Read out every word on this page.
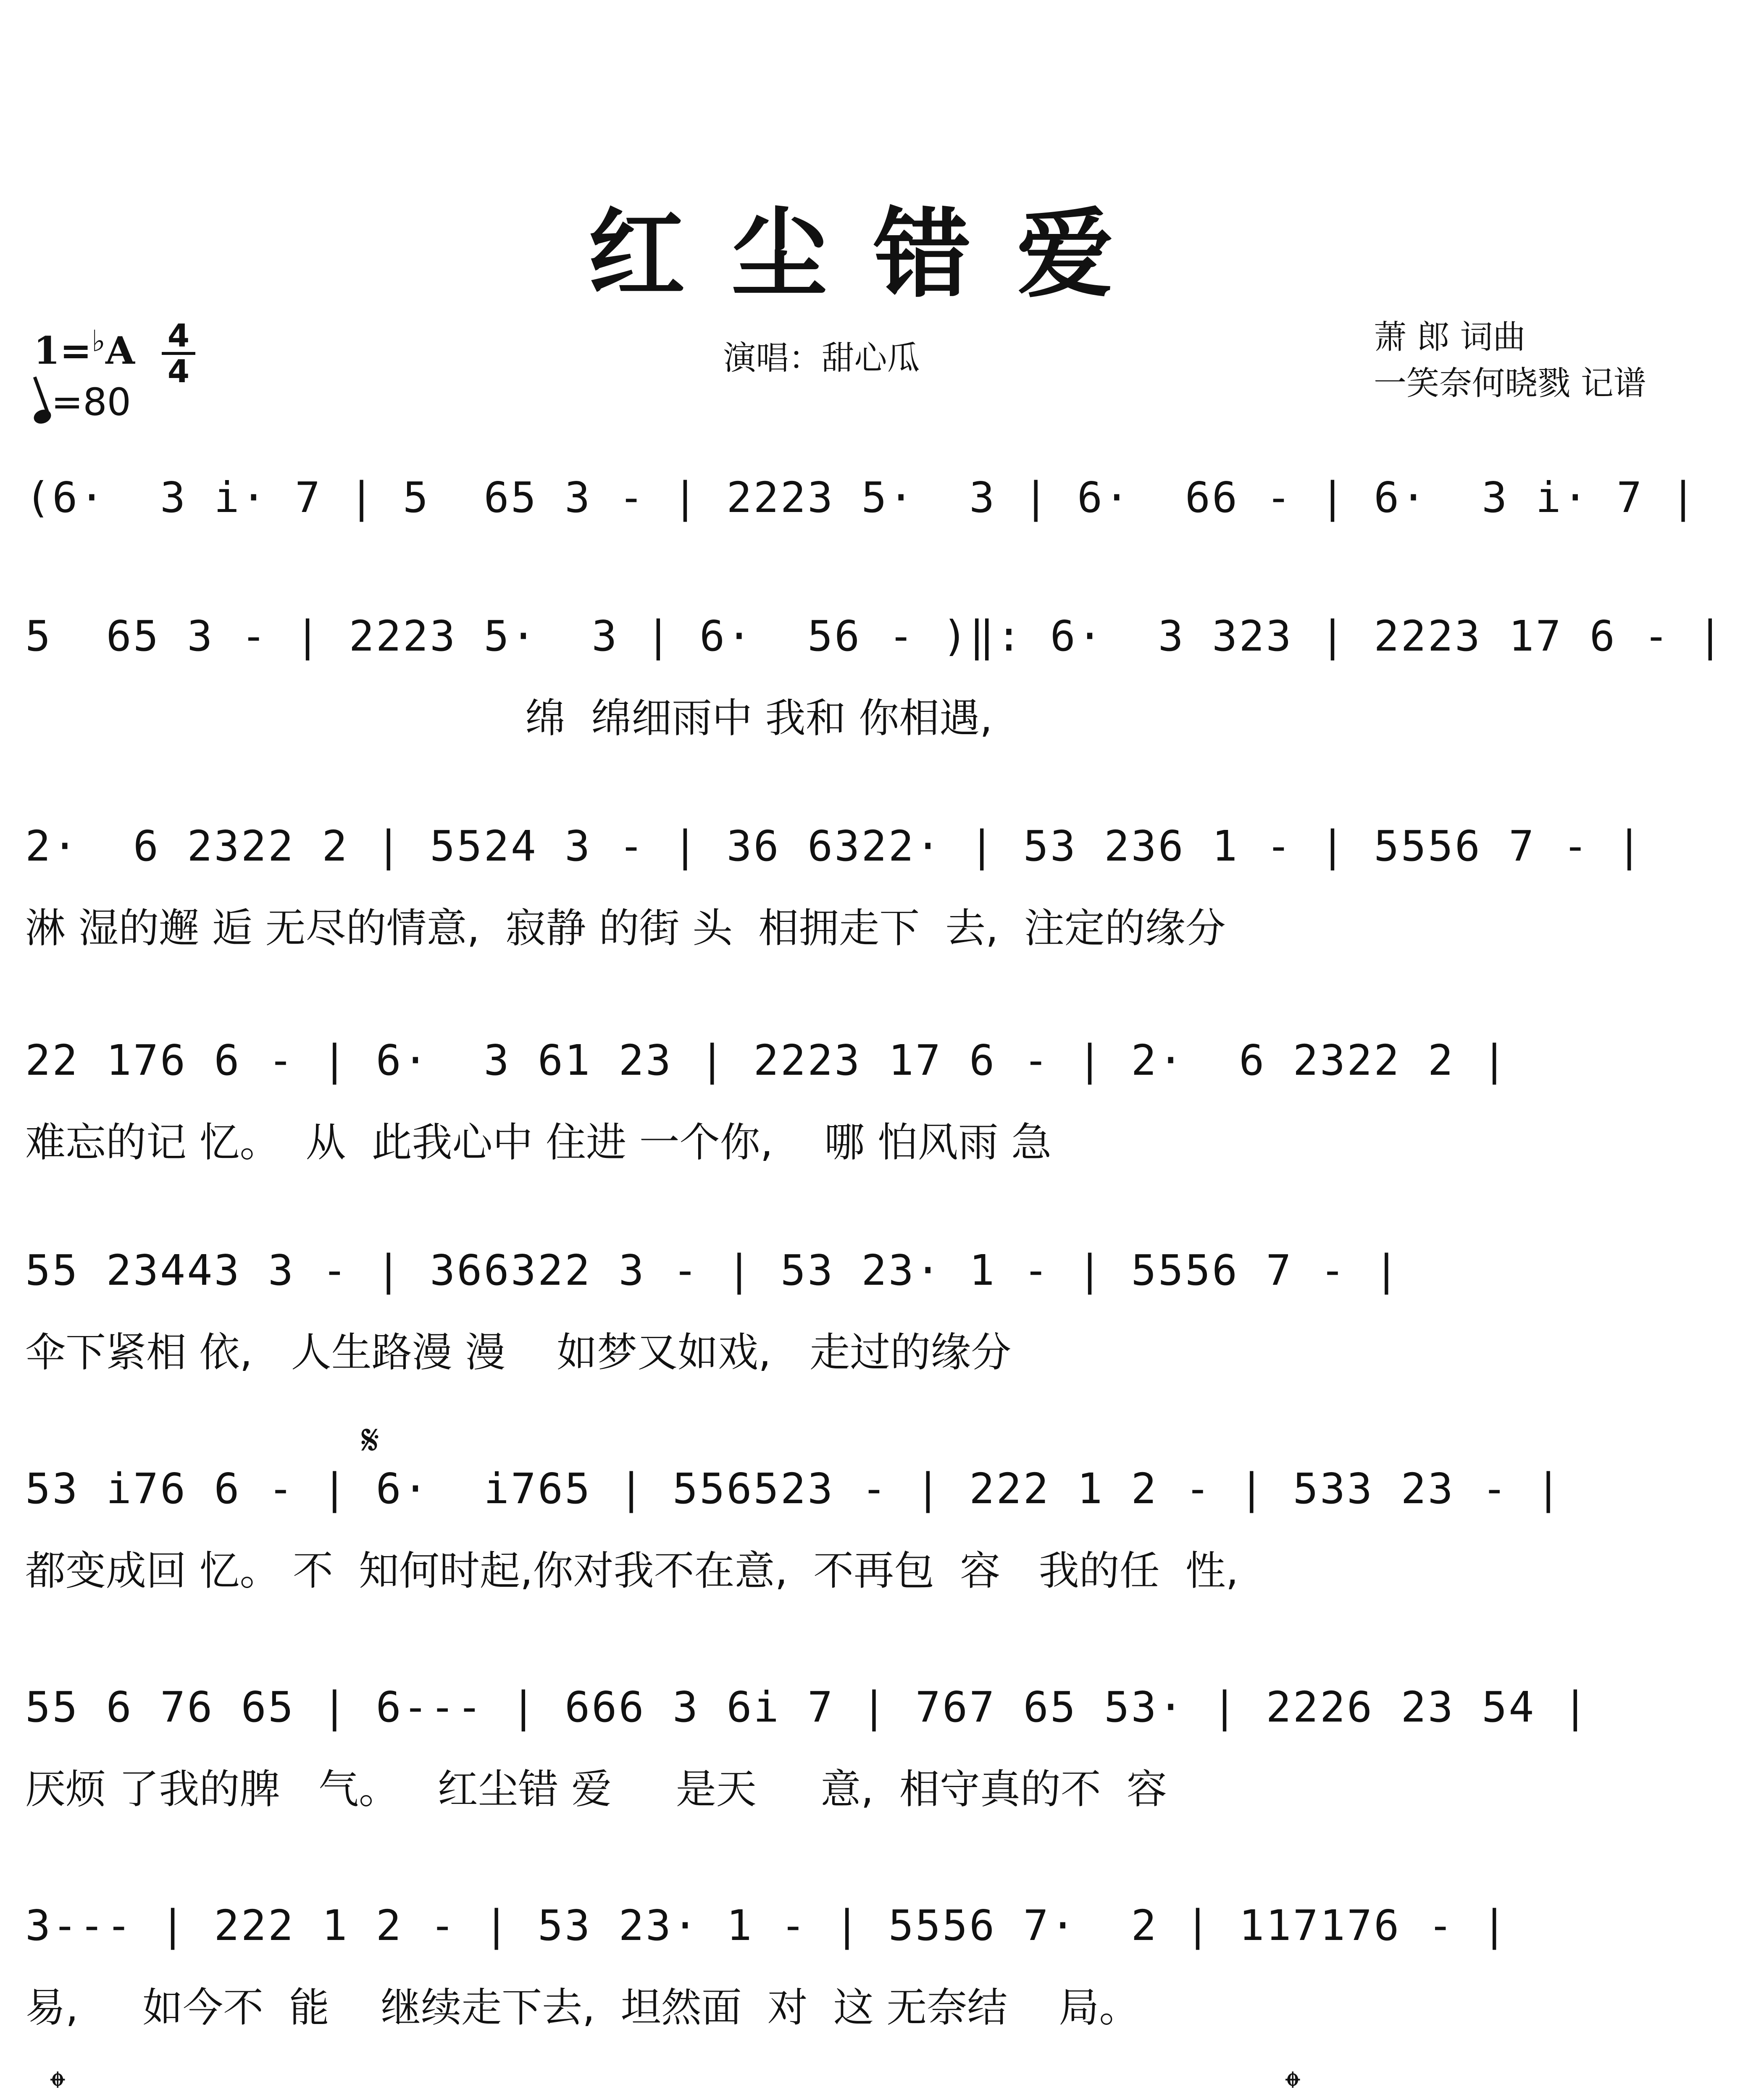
红尘错爱
1=♭A 4
4
=80
演唱：甜心瓜
萧 郎 词曲
一笑奈何晓戮 记谱
(6·  3 i· 7 | 5  65 3 - | 2223 5·  3 | 6·  66 - | 6·  3 i· 7 |
5  65 3 - | 2223 5·  3 | 6·  56 - )‖: 6·  3 323 | 2223 17 6 - |
绵  绵细雨中 我和 你相遇,
2·  6 2322 2 | 5524 3 - | 36 6322· | 53 236 1 - | 5556 7 - |
淋 湿的邂 逅 无尽的情意,  寂静 的街 头  相拥走下  去,  注定的缘分
22 176 6 - | 6·  3 61 23 | 2223 17 6 - | 2·  6 2322 2 |
难忘的记 忆。  从  此我心中 住进 一个你,    哪 怕风雨 急
55 23443 3 - | 366322 3 - | 53 23· 1 - | 5556 7 - |
伞下紧相 依,   人生路漫 漫    如梦又如戏,   走过的缘分
𝄋
53 i76 6 - | 6·  i765 | 556523 - | 222 1 2 - | 533 23 - |
都变成回 忆。 不  知何时起,你对我不在意,  不再包  容   我的任  性,
55 6 76 65 | 6--- | 666 3 6i 7 | 767 65 53· | 2226 23 54 |
厌烦 了我的脾   气。   红尘错 爱     是天     意,  相守真的不  容
3--- | 222 1 2 - | 53 23· 1 - | 5556 7·  2 | 117176 - |
易,     如今不  能    继续走下去,  坦然面  对  这 无奈结    局。
𝄌	𝄌
